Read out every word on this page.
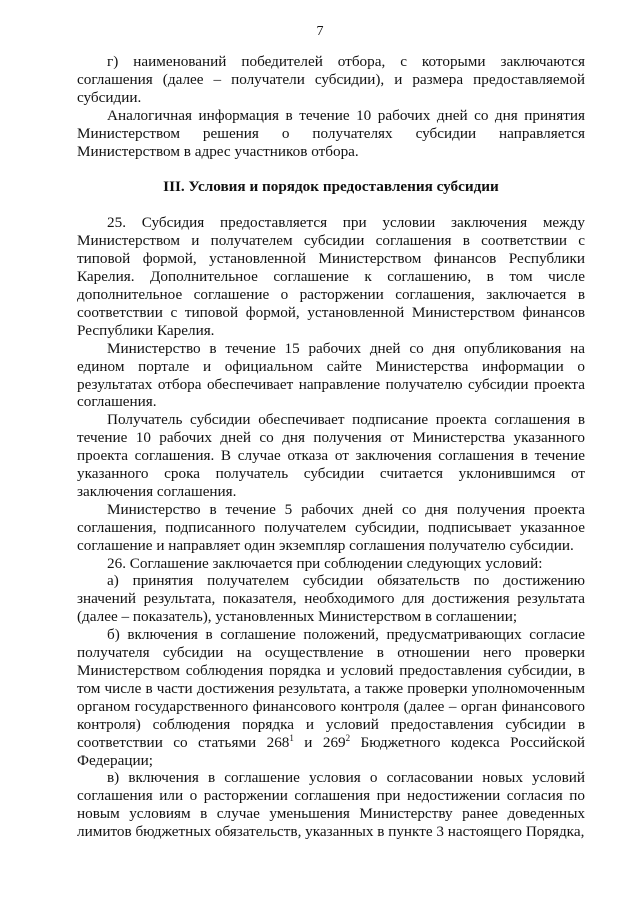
7

г) наименований победителей отбора, с которыми заключаются соглашения (далее – получатели субсидии), и размера предоставляемой субсидии.

Аналогичная информация в течение 10 рабочих дней со дня принятия Министерством решения о получателях субсидии направляется Министерством в адрес участников отбора.

III. Условия и порядок предоставления субсидии

25. Субсидия предоставляется при условии заключения между Министерством и получателем субсидии соглашения в соответствии с типовой формой, установленной Министерством финансов Республики Карелия. Дополнительное соглашение к соглашению, в том числе дополнительное соглашение о расторжении соглашения, заключается в соответствии с типовой формой, установленной Министерством финансов Республики Карелия.

Министерство в течение 15 рабочих дней со дня опубликования на едином портале и официальном сайте Министерства информации о результатах отбора обеспечивает направление получателю субсидии проекта соглашения.

Получатель субсидии обеспечивает подписание проекта соглашения в течение 10 рабочих дней со дня получения от Министерства указанного проекта соглашения. В случае отказа от заключения соглашения в течение указанного срока получатель субсидии считается уклонившимся от заключения соглашения.

Министерство в течение 5 рабочих дней со дня получения проекта соглашения, подписанного получателем субсидии, подписывает указанное соглашение и направляет один экземпляр соглашения получателю субсидии.

26. Соглашение заключается при соблюдении следующих условий:

а) принятия получателем субсидии обязательств по достижению значений результата, показателя, необходимого для достижения результата (далее – показатель), установленных Министерством в соглашении;

б) включения в соглашение положений, предусматривающих согласие получателя субсидии на осуществление в отношении него проверки Министерством соблюдения порядка и условий предоставления субсидии, в том числе в части достижения результата, а также проверки уполномоченным органом государственного финансового контроля (далее – орган финансового контроля) соблюдения порядка и условий предоставления субсидии в соответствии со статьями $268^1$ и $269^2$ Бюджетного кодекса Российской Федерации;

в) включения в соглашение условия о согласовании новых условий соглашения или о расторжении соглашения при недостижении согласия по новым условиям в случае уменьшения Министерству ранее доведенных лимитов бюджетных обязательств, указанных в пункте 3 настоящего Порядка,
